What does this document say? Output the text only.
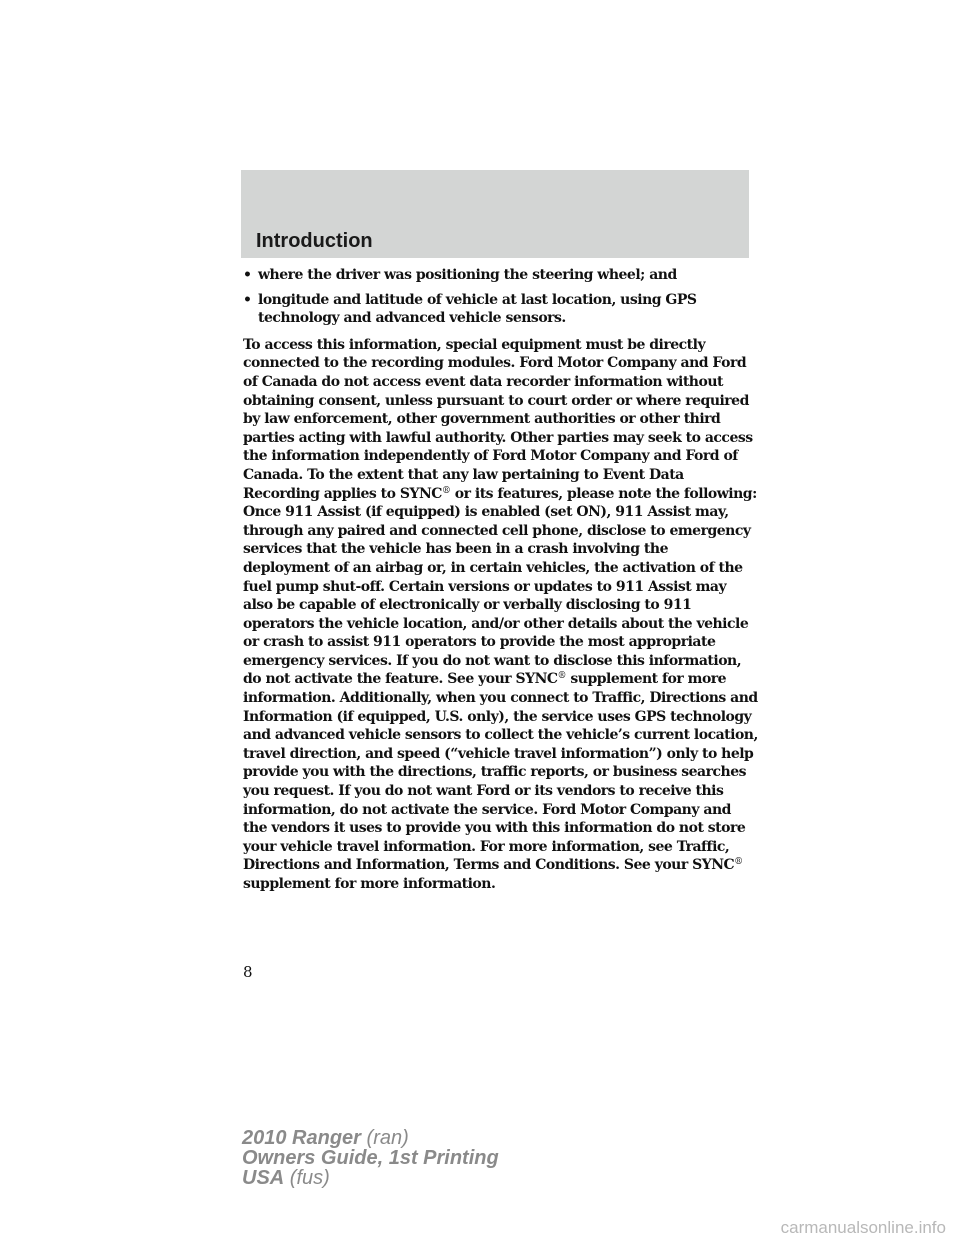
Introduction
• where the driver was positioning the steering wheel; and
• longitude and latitude of vehicle at last location, using GPS technology and advanced vehicle sensors.

To access this information, special equipment must be directly connected to the recording modules. Ford Motor Company and Ford of Canada do not access event data recorder information without obtaining consent, unless pursuant to court order or where required by law enforcement, other government authorities or other third parties acting with lawful authority. Other parties may seek to access the information independently of Ford Motor Company and Ford of Canada. To the extent that any law pertaining to Event Data Recording applies to SYNC® or its features, please note the following: Once 911 Assist (if equipped) is enabled (set ON), 911 Assist may, through any paired and connected cell phone, disclose to emergency services that the vehicle has been in a crash involving the deployment of an airbag or, in certain vehicles, the activation of the fuel pump shut-off. Certain versions or updates to 911 Assist may also be capable of electronically or verbally disclosing to 911 operators the vehicle location, and/or other details about the vehicle or crash to assist 911 operators to provide the most appropriate emergency services. If you do not want to disclose this information, do not activate the feature. See your SYNC® supplement for more information. Additionally, when you connect to Traffic, Directions and Information (if equipped, U.S. only), the service uses GPS technology and advanced vehicle sensors to collect the vehicle’s current location, travel direction, and speed (“vehicle travel information”) only to help provide you with the directions, traffic reports, or business searches you request. If you do not want Ford or its vendors to receive this information, do not activate the service. Ford Motor Company and the vendors it uses to provide you with this information do not store your vehicle travel information. For more information, see Traffic, Directions and Information, Terms and Conditions. See your SYNC® supplement for more information.

8
2010 Ranger (ran)
Owners Guide, 1st Printing
USA (fus)
carmanualsonline.info
